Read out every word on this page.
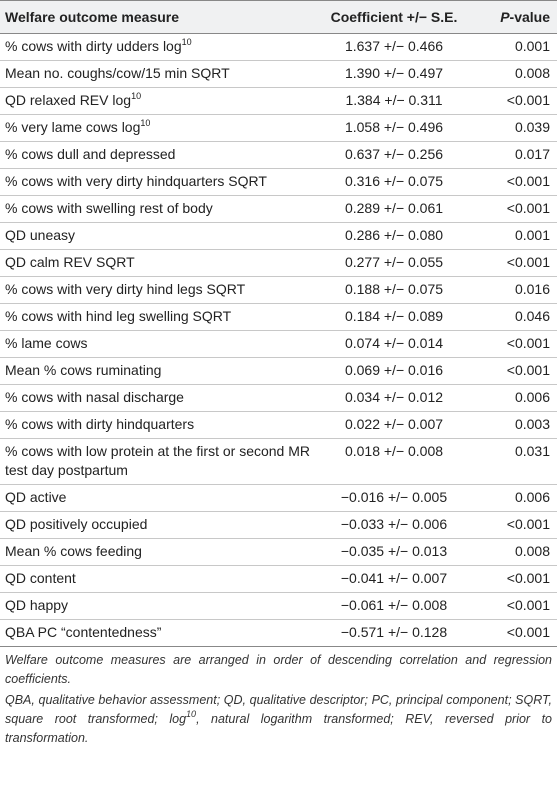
Welfare outcome measure	Coefficient +/− S.E.	P-value
% cows with dirty udders $\log^{10}$	1.637 +/− 0.466	0.001
Mean no. coughs/cow/15 min SQRT	1.390 +/− 0.497	0.008
QD relaxed REV $\log^{10}$	1.384 +/− 0.311	<0.001
% very lame cows $\log^{10}$	1.058 +/− 0.496	0.039
% cows dull and depressed	0.637 +/− 0.256	0.017
% cows with very dirty hindquarters SQRT	0.316 +/− 0.075	<0.001
% cows with swelling rest of body	0.289 +/− 0.061	<0.001
QD uneasy	0.286 +/− 0.080	0.001
QD calm REV SQRT	0.277 +/− 0.055	<0.001
% cows with very dirty hind legs SQRT	0.188 +/− 0.075	0.016
% cows with hind leg swelling SQRT	0.184 +/− 0.089	0.046
% lame cows	0.074 +/− 0.014	<0.001
Mean % cows ruminating	0.069 +/− 0.016	<0.001
% cows with nasal discharge	0.034 +/− 0.012	0.006
% cows with dirty hindquarters	0.022 +/− 0.007	0.003
% cows with low protein at the first or second MR test day postpartum	0.018 +/− 0.008	0.031
QD active	−0.016 +/− 0.005	0.006
QD positively occupied	−0.033 +/− 0.006	<0.001
Mean % cows feeding	−0.035 +/− 0.013	0.008
QD content	−0.041 +/− 0.007	<0.001
QD happy	−0.061 +/− 0.008	<0.001
QBA PC “contentedness”	−0.571 +/− 0.128	<0.001

Welfare outcome measures are arranged in order of descending correlation and regression coefficients.

QBA, qualitative behavior assessment; QD, qualitative descriptor; PC, principal component; SQRT, square root transformed; $\log^{10}$, natural logarithm transformed; REV, reversed prior to transformation.
